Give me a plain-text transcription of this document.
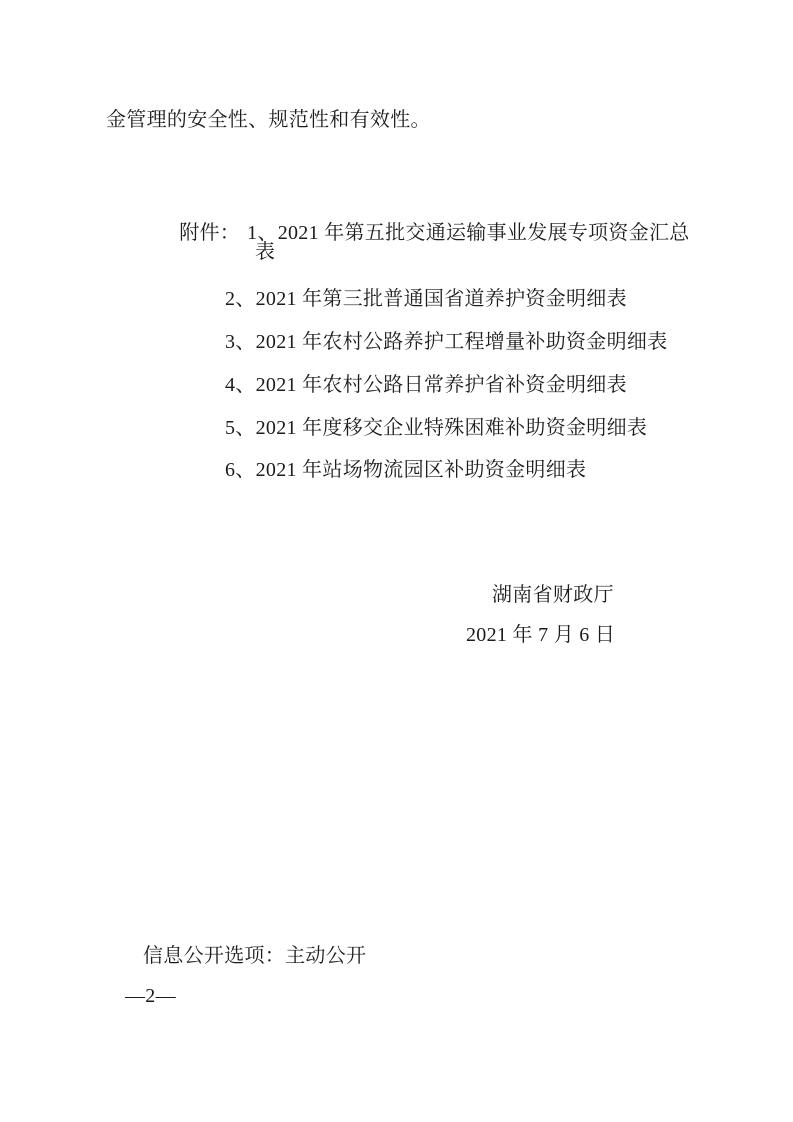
金管理的安全性、规范性和有效性。

附件： 1、2021 年第五批交通运输事业发展专项资金汇总

表
2、2021 年第三批普通国省道养护资金明细表
3、2021 年农村公路养护工程增量补助资金明细表
4、2021 年农村公路日常养护省补资金明细表
5、2021 年度移交企业特殊困难补助资金明细表
6、2021 年站场物流园区补助资金明细表
湖南省财政厅
2021 年 7 月 6 日
信息公开选项：主动公开
—2—
